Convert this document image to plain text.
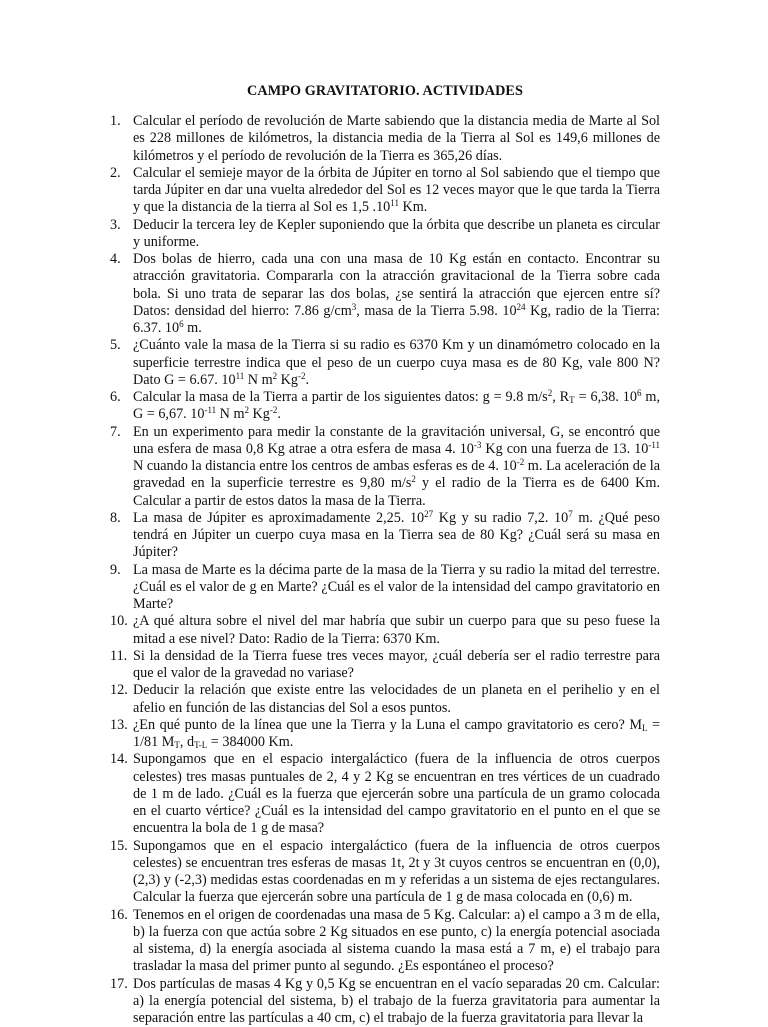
CAMPO GRAVITATORIO. ACTIVIDADES
1. Calcular el período de revolución de Marte sabiendo que la distancia media de Marte al Sol es 228 millones de kilómetros, la distancia media de la Tierra al Sol es 149,6 millones de kilómetros y el período de revolución de la Tierra es 365,26 días.
2. Calcular el semieje mayor de la órbita de Júpiter en torno al Sol sabiendo que el tiempo que tarda Júpiter en dar una vuelta alrededor del Sol es 12 veces mayor que le que tarda la Tierra y que la distancia de la tierra al Sol es 1,5 $.10^{11}$ Km.
3. Deducir la tercera ley de Kepler suponiendo que la órbita que describe un planeta es circular y uniforme.
4. Dos bolas de hierro, cada una con una masa de 10 Kg están en contacto. Encontrar su atracción gravitatoria. Compararla con la atracción gravitacional de la Tierra sobre cada bola. Si uno trata de separar las dos bolas, ¿se sentirá la atracción que ejercen entre sí? Datos: densidad del hierro: 7.86 $g/cm^3$, masa de la Tierra 5.98. $10^{24}$ Kg, radio de la Tierra: 6.37. $10^6$ m.
5. ¿Cuánto vale la masa de la Tierra si su radio es 6370 Km y un dinamómetro colocado en la superficie terrestre indica que el peso de un cuerpo cuya masa es de 80 Kg, vale 800 N? Dato G = 6.67. $10^{11}$ N $m^2$ $Kg^{-2}$.
6. Calcular la masa de la Tierra a partir de los siguientes datos: g = 9.8 $m/s^2$, $R_T = 6,38$. $10^6$ m, G = 6,67. $10^{-11}$ N $m^2$ $Kg^{-2}$.
7. En un experimento para medir la constante de la gravitación universal, G, se encontró que una esfera de masa 0,8 Kg atrae a otra esfera de masa 4. $10^{-3}$ Kg con una fuerza de 13. $10^{-11}$ N cuando la distancia entre los centros de ambas esferas es de 4. $10^{-2}$ m. La aceleración de la gravedad en la superficie terrestre es 9,80 $m/s^2$ y el radio de la Tierra es de 6400 Km. Calcular a partir de estos datos la masa de la Tierra.
8. La masa de Júpiter es aproximadamente 2,25. $10^{27}$ Kg y su radio 7,2. $10^7$ m. ¿Qué peso tendrá en Júpiter un cuerpo cuya masa en la Tierra sea de 80 Kg? ¿Cuál será su masa en Júpiter?
9. La masa de Marte es la décima parte de la masa de la Tierra y su radio la mitad del terrestre. ¿Cuál es el valor de g en Marte? ¿Cuál es el valor de la intensidad del campo gravitatorio en Marte?
10. ¿A qué altura sobre el nivel del mar habría que subir un cuerpo para que su peso fuese la mitad a ese nivel? Dato: Radio de la Tierra: 6370 Km.
11. Si la densidad de la Tierra fuese tres veces mayor, ¿cuál debería ser el radio terrestre para que el valor de la gravedad no variase?
12. Deducir la relación que existe entre las velocidades de un planeta en el perihelio y en el afelio en función de las distancias del Sol a esos puntos.
13. ¿En qué punto de la línea que une la Tierra y la Luna el campo gravitatorio es cero? $M_L = 1/81$ $M_T$, $d_{T-L} = 384000$ Km.
14. Supongamos que en el espacio intergaláctico (fuera de la influencia de otros cuerpos celestes) tres masas puntuales de 2, 4 y 2 Kg se encuentran en tres vértices de un cuadrado de 1 m de lado. ¿Cuál es la fuerza que ejercerán sobre una partícula de un gramo colocada en el cuarto vértice? ¿Cuál es la intensidad del campo gravitatorio en el punto en el que se encuentra la bola de 1 g de masa?
15. Supongamos que en el espacio intergaláctico (fuera de la influencia de otros cuerpos celestes) se encuentran tres esferas de masas 1t, 2t y 3t cuyos centros se encuentran en (0,0), (2,3) y (-2,3) medidas estas coordenadas en m y referidas a un sistema de ejes rectangulares. Calcular la fuerza que ejercerán sobre una partícula de 1 g de masa colocada en (0,6) m.
16. Tenemos en el origen de coordenadas una masa de 5 Kg. Calcular: a) el campo a 3 m de ella, b) la fuerza con que actúa sobre 2 Kg situados en ese punto, c) la energía potencial asociada al sistema, d) la energía asociada al sistema cuando la masa está a 7 m, e) el trabajo para trasladar la masa del primer punto al segundo. ¿Es espontáneo el proceso?
17. Dos partículas de masas 4 Kg y 0,5 Kg se encuentran en el vacío separadas 20 cm. Calcular: a) la energía potencial del sistema, b) el trabajo de la fuerza gravitatoria para aumentar la separación entre las partículas a 40 cm, c) el trabajo de la fuerza gravitatoria para llevar la
